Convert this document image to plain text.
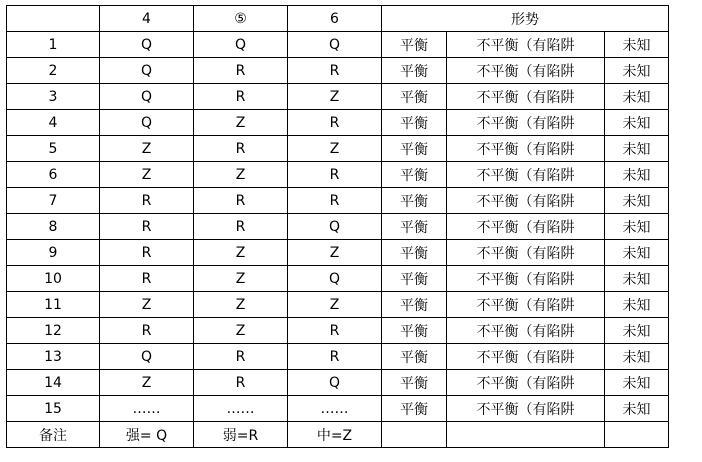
	4	⑤	6	形势		
1	Q	Q	Q	平衡	不平衡（有陷阱	未知
2	Q	R	R	平衡	不平衡（有陷阱	未知
3	Q	R	Z	平衡	不平衡（有陷阱	未知
4	Q	Z	R	平衡	不平衡（有陷阱	未知
5	Z	R	Z	平衡	不平衡（有陷阱	未知
6	Z	Z	R	平衡	不平衡（有陷阱	未知
7	R	R	R	平衡	不平衡（有陷阱	未知
8	R	R	Q	平衡	不平衡（有陷阱	未知
9	R	Z	Z	平衡	不平衡（有陷阱	未知
10	R	Z	Q	平衡	不平衡（有陷阱	未知
11	Z	Z	Z	平衡	不平衡（有陷阱	未知
12	R	Z	R	平衡	不平衡（有陷阱	未知
13	Q	R	R	平衡	不平衡（有陷阱	未知
14	Z	R	Q	平衡	不平衡（有陷阱	未知
15	……	……	……	平衡	不平衡（有陷阱	未知
备注	强= Q	弱=R	中=Z			
